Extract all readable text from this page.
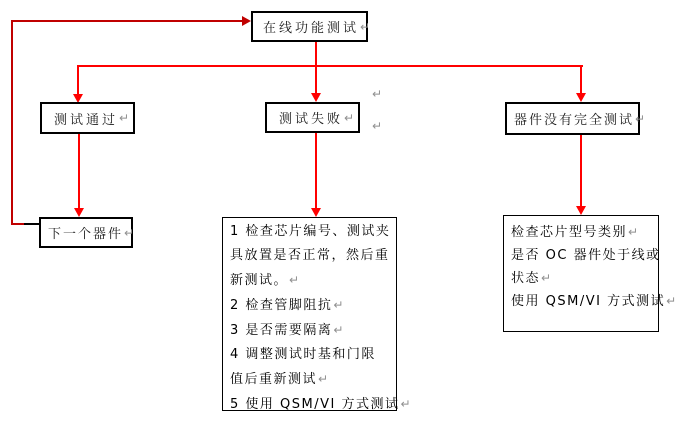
在线功能测试 ↵
测试通过 ↵	测试失败 ↵	器件没有完全测试 ↵
下一个器件 ↵	1 检查芯片编号、测试夹
具放置是否正常，然后重
新测试。↵
2 检查管脚阻抗↵
3 是否需要隔离↵
4 调整测试时基和门限
值后重新测试↵
5 使用 QSM/VI 方式测试↵
检查芯片型号类别↵
是否 OC 器件处于线或
状态↵
使用 QSM/VI 方式测试↵
↵
↵
